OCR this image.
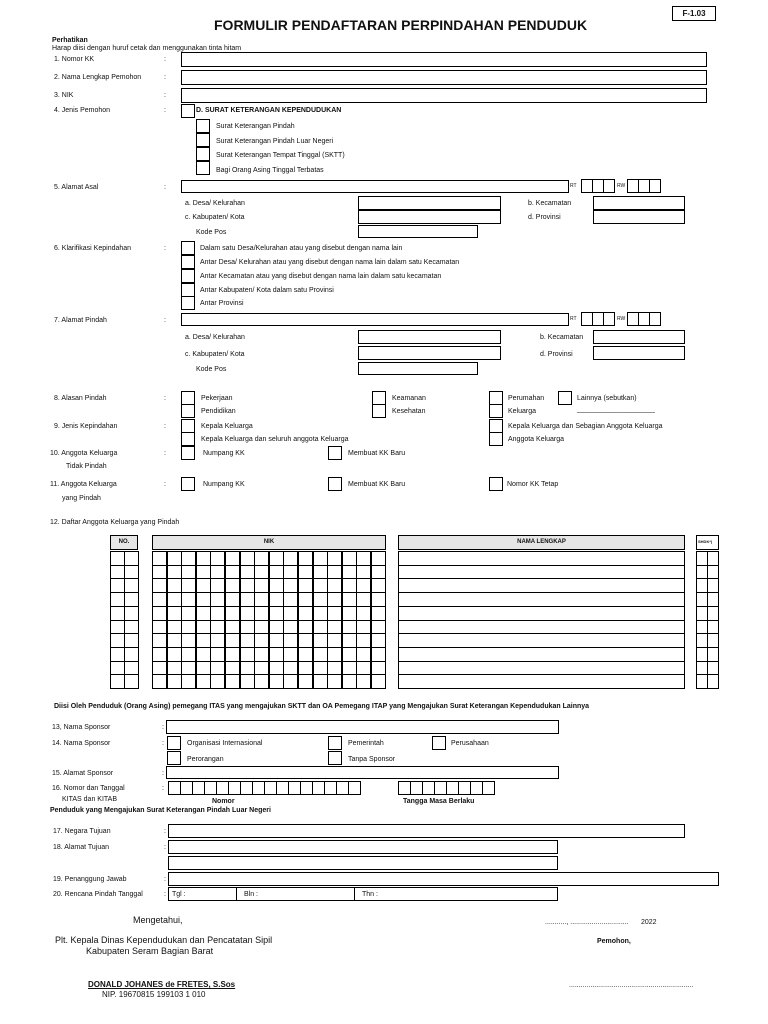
FORMULIR PENDAFTARAN PERPINDAHAN PENDUDUK
F-1.03
Perhatikan
Harap diisi dengan huruf cetak dan menggunakan tinta hitam
1. Nomor KK	:
2. Nama Lengkap Pemohon	:
3. NIK	:
4. Jenis Pemohon	:	D. SURAT KETERANGAN KEPENDUDUKAN
Surat Keterangan Pindah
Surat Keterangan Pindah Luar Negeri
Surat Keterangan Tempat Tinggal (SKTT)
Bagi Orang Asing Tinggal Terbatas
5. Alamat Asal	:	RT	RW
a. Desa/ Kelurahan	b. Kecamatan
c. Kabupaten/ Kota	d. Provinsi
Kode Pos
6. Klarifikasi Kepindahan	:	Dalam satu Desa/Kelurahan atau yang disebut dengan nama lain
Antar Desa/ Kelurahan atau yang disebut dengan nama lain dalam satu Kecamatan
Antar Kecamatan atau yang disebut dengan nama lain dalam satu kecamatan
Antar Kabupaten/ Kota dalam satu Provinsi
Antar Provinsi
7. Alamat Pindah	:	RT	RW
a. Desa/ Kelurahan	b. Kecamatan
c. Kabupaten/ Kota	d. Provinsi
Kode Pos
8. Alasan Pindah	:	Pekerjaan
Pendidikan
Keamanan
Kesehatan
Perumahan
Keluarga
Lainnya (sebutkan)
____________________
9. Jenis Kepindahan	:	Kepala Keluarga
Kepala Keluarga dan seluruh anggota Keluarga
Kepala Keluarga dan Sebagian Anggota Keluarga
Anggota Keluarga
10. Anggota Keluarga
Tidak Pindah
:	Numpang KK	Membuat KK Baru
11. Anggota Keluarga
yang Pindah
:	Numpang KK	Membuat KK Baru	Nomor KK Tetap
12. Daftar Anggota Keluarga yang Pindah
NO.	NIK	NAMA LENGKAP	SHDK*)
Diisi Oleh Penduduk (Orang Asing) pemegang ITAS yang mengajukan SKTT dan OA Pemegang ITAP yang Mengajukan Surat Keterangan Kependudukan Lainnya
13, Nama Sponsor	:
14. Nama Sponsor	:	Organisasi Internasional	Pemerintah	Perusahaan
Perorangan	Tanpa Sponsor
15. Alamat Sponsor	:
16. Nomor dan Tanggal
KITAS dan KITAB
:
Nomor	Tangga Masa Berlaku
Penduduk yang Mengajukan Surat Keterangan Pindah Luar Negeri
17. Negara Tujuan	:
18. Alamat Tujuan	:
19. Penanggung Jawab	:
20. Rencana Pindah Tanggal	: Tgl :	Bln :	Thn :
Mengetahui,	..........., .............................. 2022
Plt. Kepala Dinas Kependudukan dan Pencatatan Sipil
Kabupaten Seram Bagian Barat
Pemohon,
DONALD JOHANES de FRETES, S.Sos
NIP. 19670815 199103 1 010
................................................................
